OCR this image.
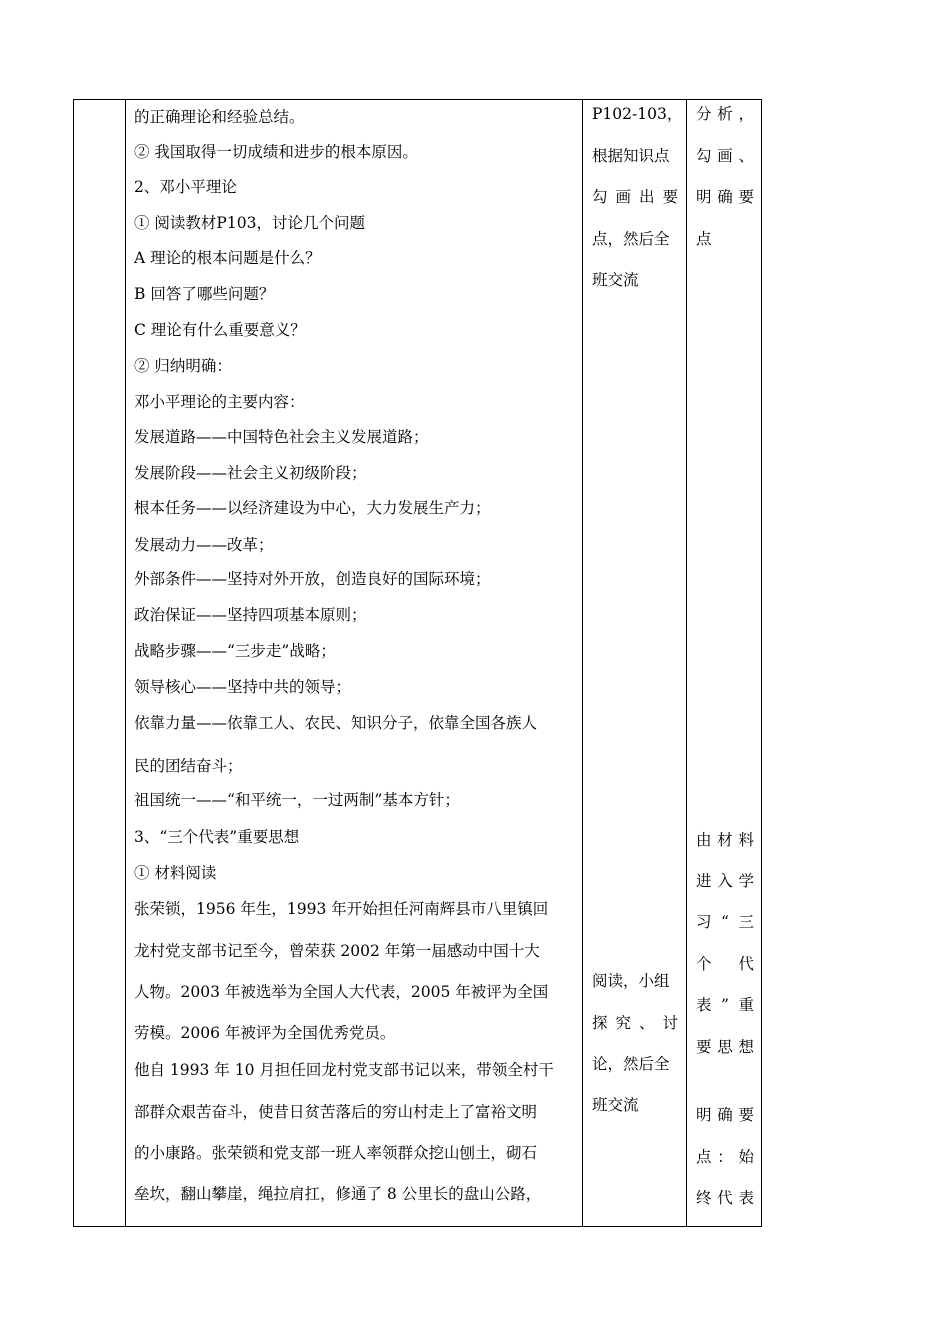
的正确理论和经验总结。
② 我国取得一切成绩和进步的根本原因。
2、邓小平理论
① 阅读教材P103，讨论几个问题
A 理论的根本问题是什么？
B 回答了哪些问题？
C 理论有什么重要意义？
② 归纳明确：
邓小平理论的主要内容：
发展道路——中国特色社会主义发展道路；
发展阶段——社会主义初级阶段；
根本任务——以经济建设为中心，大力发展生产力；
发展动力——改革；
外部条件——坚持对外开放，创造良好的国际环境；
政治保证——坚持四项基本原则；
战略步骤——“三步走”战略；
领导核心——坚持中共的领导；
依靠力量——依靠工人、农民、知识分子，依靠全国各族人
民的团结奋斗；
祖国统一——“和平统一，一过两制”基本方针；
3、“三个代表”重要思想
① 材料阅读
张荣锁，1956 年生，1993 年开始担任河南辉县市八里镇回
龙村党支部书记至今，曾荣获 2002 年第一届感动中国十大
人物。2003 年被选举为全国人大代表，2005 年被评为全国
劳模。2006 年被评为全国优秀党员。
他自 1993 年 10 月担任回龙村党支部书记以来，带领全村干
部群众艰苦奋斗，使昔日贫苦落后的穷山村走上了富裕文明
的小康路。张荣锁和党支部一班人率领群众挖山刨土，砌石
垒坎，翻山攀崖，绳拉肩扛，修通了 8 公里长的盘山公路，
P102-103，
根据知识点
勾 画 出 要
点，然后全
班交流
阅读，小组
探 究 、 讨
论，然后全
班交流
分 析 ，
勾 画 、
明 确 要
点
由 材 料
进 入 学
习 “ 三
个
　 代
表 ” 重
要 思 想
明 确 要
点 ： 始
终 代 表
